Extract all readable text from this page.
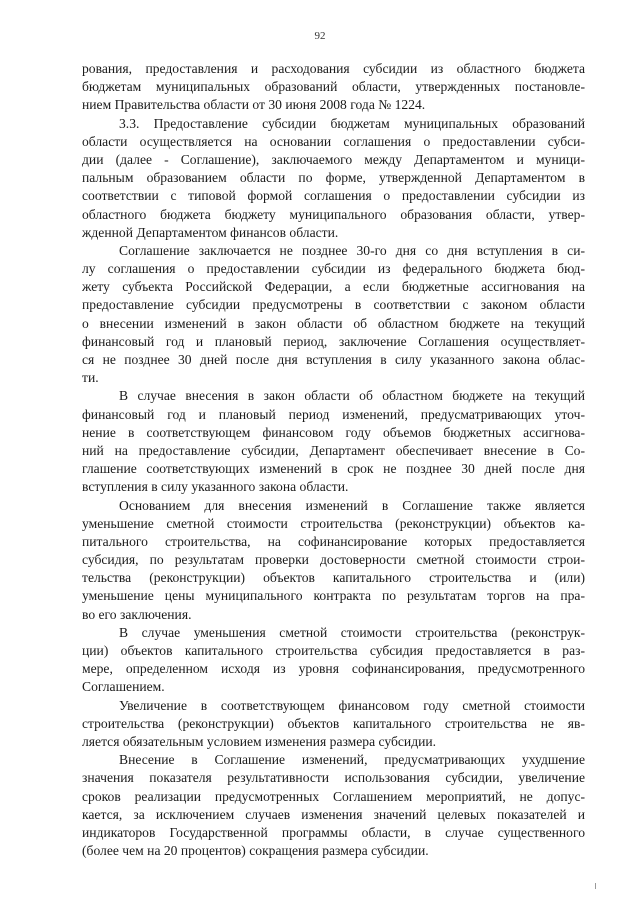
92
рования, предоставления и расходования субсидии из областного бюджета
бюджетам муниципальных образований области, утвержденных постановле-
нием Правительства области от 30 июня 2008 года № 1224.
3.3. Предоставление субсидии бюджетам муниципальных образований
области осуществляется на основании соглашения о предоставлении субси-
дии (далее - Соглашение), заключаемого между Департаментом и муници-
пальным образованием области по форме, утвержденной Департаментом в
соответствии с типовой формой соглашения о предоставлении субсидии из
областного бюджета бюджету муниципального образования области, утвер-
жденной Департаментом финансов области.
Соглашение заключается не позднее 30-го дня со дня вступления в си-
лу соглашения о предоставлении субсидии из федерального бюджета бюд-
жету субъекта Российской Федерации, а если бюджетные ассигнования на
предоставление субсидии предусмотрены в соответствии с законом области
о внесении изменений в закон области об областном бюджете на текущий
финансовый год и плановый период, заключение Соглашения осуществляет-
ся не позднее 30 дней после дня вступления в силу указанного закона облас-
ти.
В случае внесения в закон области об областном бюджете на текущий
финансовый год и плановый период изменений, предусматривающих уточ-
нение в соответствующем финансовом году объемов бюджетных ассигнова-
ний на предоставление субсидии, Департамент обеспечивает внесение в Со-
глашение соответствующих изменений в срок не позднее 30 дней после дня
вступления в силу указанного закона области.
Основанием для внесения изменений в Соглашение также является
уменьшение сметной стоимости строительства (реконструкции) объектов ка-
питального строительства, на софинансирование которых предоставляется
субсидия, по результатам проверки достоверности сметной стоимости строи-
тельства (реконструкции) объектов капитального строительства и (или)
уменьшение цены муниципального контракта по результатам торгов на пра-
во его заключения.
В случае уменьшения сметной стоимости строительства (реконструк-
ции) объектов капитального строительства субсидия предоставляется в раз-
мере, определенном исходя из уровня софинансирования, предусмотренного
Соглашением.
Увеличение в соответствующем финансовом году сметной стоимости
строительства (реконструкции) объектов капитального строительства не яв-
ляется обязательным условием изменения размера субсидии.
Внесение в Соглашение изменений, предусматривающих ухудшение
значения показателя результативности использования субсидии, увеличение
сроков реализации предусмотренных Соглашением мероприятий, не допус-
кается, за исключением случаев изменения значений целевых показателей и
индикаторов Государственной программы области, в случае существенного
(более чем на 20 процентов) сокращения размера субсидии.
